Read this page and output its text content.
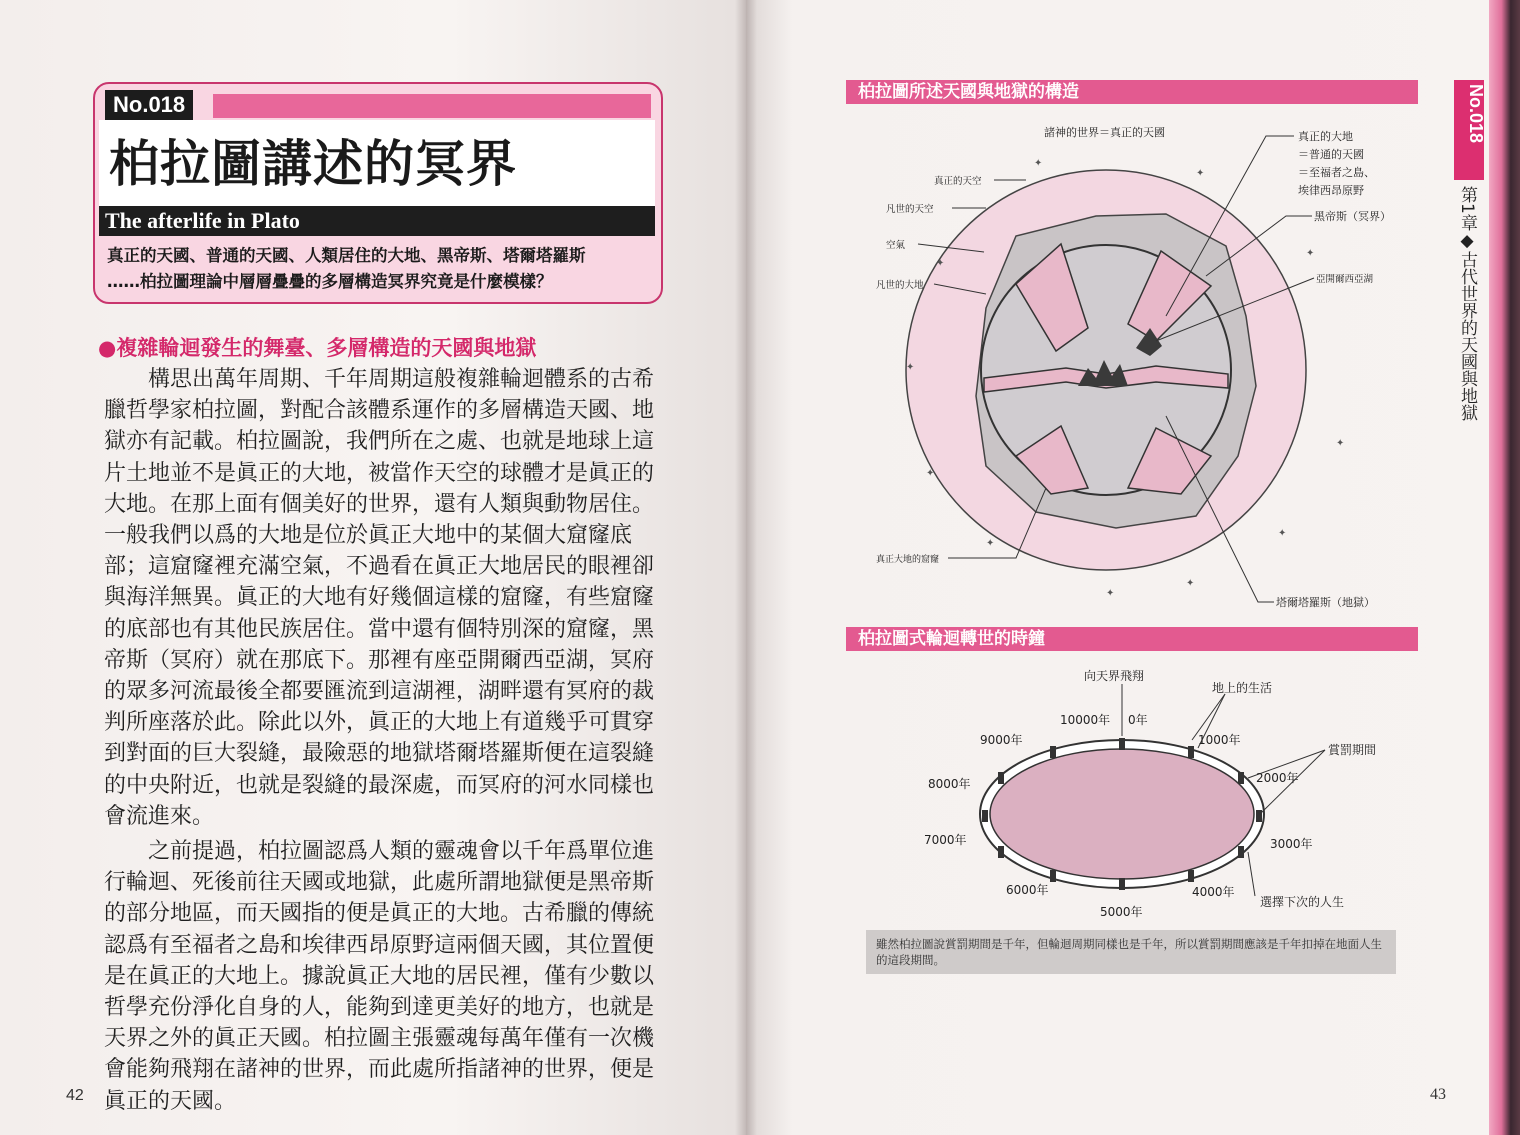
No.018
柏拉圖講述的冥界
The afterlife in Plato
真正的天國、普通的天國、人類居住的大地、黑帝斯、塔爾塔羅斯
……柏拉圖理論中層層疊疊的多層構造冥界究竟是什麼模樣？
●複雜輪迴發生的舞臺、多層構造的天國與地獄

構思出萬年周期、千年周期這般複雜輪迴體系的古希臘哲學家柏拉圖，對配合該體系運作的多層構造天國、地獄亦有記載。柏拉圖說，我們所在之處、也就是地球上這片土地並不是眞正的大地，被當作天空的球體才是眞正的大地。在那上面有個美好的世界，還有人類與動物居住。一般我們以爲的大地是位於眞正大地中的某個大窟窿底部；這窟窿裡充滿空氣，不過看在眞正大地居民的眼裡卻與海洋無異。眞正的大地有好幾個這樣的窟窿，有些窟窿的底部也有其他民族居住。當中還有個特別深的窟窿，黑帝斯（冥府）就在那底下。那裡有座亞開爾西亞湖，冥府的眾多河流最後全都要匯流到這湖裡，湖畔還有冥府的裁判所座落於此。除此以外，眞正的大地上有道幾乎可貫穿到對面的巨大裂縫，最險惡的地獄塔爾塔羅斯便在這裂縫的中央附近，也就是裂縫的最深處，而冥府的河水同樣也會流進來。

之前提過，柏拉圖認爲人類的靈魂會以千年爲單位進行輪迴、死後前往天國或地獄，此處所謂地獄便是黑帝斯的部分地區，而天國指的便是眞正的大地。古希臘的傳統認爲有至福者之島和埃律西昂原野這兩個天國，其位置便是在眞正的大地上。據說眞正大地的居民裡，僅有少數以哲學充份淨化自身的人，能夠到達更美好的地方，也就是天界之外的眞正天國。柏拉圖主張靈魂每萬年僅有一次機會能夠飛翔在諸神的世界，而此處所指諸神的世界，便是眞正的天國。

42
柏拉圖所述天國與地獄的構造
諸神的世界＝真正的天國
真正的天空
凡世的天空
空氣
凡世的大地
真正的大地
＝普通的天國
＝至福者之島、
埃律西昂原野
黑帝斯（冥界）
亞開爾西亞湖
真正大地的窟窿
塔爾塔羅斯（地獄）
✦
✦
✦
✦
✦
✦
✦
✦
✦
✦
✦
柏拉圖式輪迴轉世的時鐘
向天界飛翔
地上的生活
賞罰期間
選擇下次的人生
10000年 0年
1000年
2000年
3000年
4000年
5000年
6000年
7000年
8000年
9000年
雖然柏拉圖說賞罰期間是千年，但輪迴周期同樣也是千年，所以賞罰期間應該是千年扣掉在地面人生的這段期間。
No.018
第1章◆古代世界的天國與地獄
43
